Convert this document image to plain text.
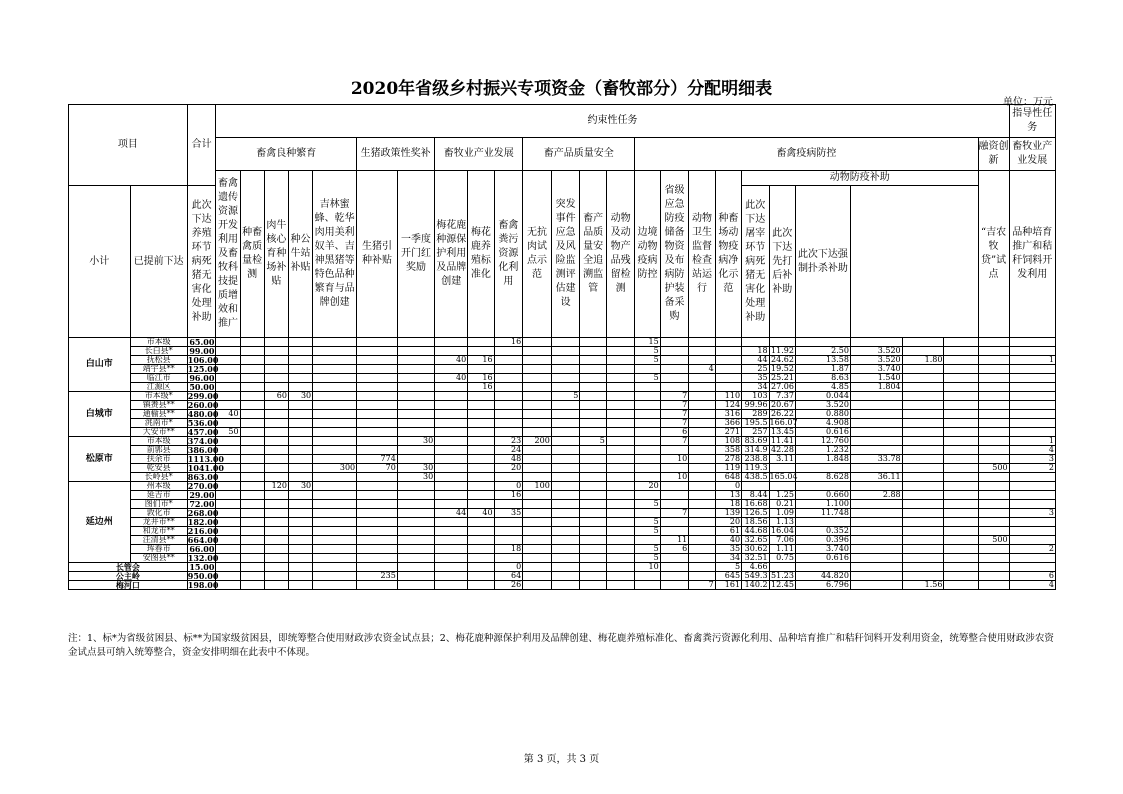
2020年省级乡村振兴专项资金（畜牧部分）分配明细表
单位：万元
项目		合计	约束性任务																									指导性任务
			畜禽良种繁育					生猪政策性奖补		畜牧业产业发展			畜产品质量安全				畜禽疫病防控										融资创新	畜牧业产业发展
			畜禽遗传资源开发利用及畜牧科技提质增效和推广	种畜禽质量检测	肉牛核心育种场补贴	种公牛站补贴	吉林蜜蜂、乾华肉用美利奴羊、吉神黑猪等特色品种繁育与品牌创建	生猪引种补贴	一季度开门红奖励	梅花鹿种源保护利用及品牌创建	梅花鹿养殖标准化	畜禽粪污资源化利用	无抗肉试点示范	突发事件应急及风险监测评估建设	畜产品质量安全追溯监管	动物及动物产品残留检测	边境动物疫病防控	省级应急防疫储备物资及布病防护装备采购	动物卫生监督检查站运行	种畜场动物疫病净化示范	动物防疫补助						“吉农牧贷”试点	品种培育推广和秸秆饲料开发利用
小计	已提前下达	此次下达养殖环节病死猪无害化处理补助																			此次下达屠宰环节病死猪无害化处理补助	此次下达先打后补补助	此次下达强制扑杀补助					
白山市	市本级	65.00										16					15											
	长白县*	99.00															5				18	11.92	2.50	3.520				
	抚松县	106.00								40	16						5				44	24.62	13.58	3.520	1.80			1
	靖宇县**	125.00																	4		25	19.52	1.87	3.740				
	临江市	96.00								40	16						5				35	25.21	8.63	1.540				
	江源区	50.00									16										34	27.06	4.85	1.804				
白城市	市本级*	299.00			60	30								5				7		110	103	7.37	0.044					
	镇赉县**	260.00																7		124	99.96	20.67	3.520					
	通榆县**	480.00	40															7		316	289	26.22	0.880					
	洮南市*	536.00																7		366	195.5	166.07	4.908					
	大安市**	457.00	50															6		271	257	13.45	0.616					
松原市	市本级	374.00							30			23	200		5			7		108	83.69	11.41	12.760					1
	前郭县	386.00										24								358	314.9	42.28	1.232					4
	扶余市	1113.00						774				48						10		278	238.8	3.11	1.848	33.78				3
	乾安县	1041.00					300	70	30			20								119	119.3						500	2
	长岭县*	863.00							30									10		648	438.5	165.04	8.628	36.11				
延边州	州本级	270.00			120	30						0	100				20			0								
	延吉市	29.00										16								13	8.44	1.25	0.660	2.88				
	图们市*	72.00															5			18	16.68	0.21	1.100					
	敦化市	268.00								44	40	35						7		139	126.5	1.09	11.748					3
	龙井市**	182.00															5			20	18.56	1.13						
	和龙市**	216.00															5			61	44.68	16.04	0.352					
	汪清县**	664.00																11		40	32.65	7.06	0.396				500	
	珲春市	66.00										18					5	6		35	30.62	1.11	3.740					2
	安图县**	132.00															5			34	32.51	0.75	0.616					
长管会		15.00										0					10			5	4.66							
公主岭		950.00						235				64								645	549.3	51.23	44.820					6
梅河口		198.00										26							7	161	140.2	12.45	6.796		1.56			4
注：1、标*为省级贫困县、标**为国家级贫困县，即统筹整合使用财政涉农资金试点县；2、梅花鹿种源保护利用及品牌创建、梅花鹿养殖标准化、畜禽粪污资源化利用、品种培育推广和秸秆饲料开发利用资金，统筹整合使用财政涉农资金试点县可纳入统筹整合，资金安排明细在此表中不体现。
第 3 页，共 3 页
